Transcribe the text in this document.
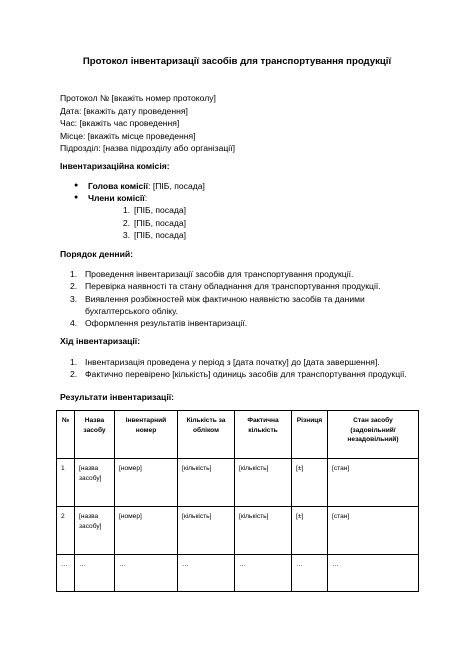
Протокол інвентаризації засобів для транспортування продукції
Протокол № [вкажіть номер протоколу]
Дата: [вкажіть дату проведення]
Час: [вкажіть час проведення]
Місце: [вкажіть місце проведення]
Підрозділ: [назва підрозділу або організації]
Інвентаризаційна комісія:
● Голова комісії: [ПІБ, посада]
● Члени комісії:
1. [ПІБ, посада]
2. [ПІБ, посада]
3. [ПІБ, посада]
Порядок денний:
1. Проведення інвентаризації засобів для транспортування продукції.
2. Перевірка наявності та стану обладнання для транспортування продукції.
3. Виявлення розбіжностей між фактичною наявністю засобів та даними бухгалтерського обліку.
4. Оформлення результатів інвентаризації.
Хід інвентаризації:
1. Інвентаризація проведена у період з [дата початку] до [дата завершення].
2. Фактично перевірено [кількість] одиниць засобів для транспортування продукції.
Результати інвентаризації:
№	Назва засобу	Інвентарний номер	Кількість за обліком	Фактична кількість	Різниця	Стан засобу (задовільний/незадовільний)
1	[назва засобу]	[номер]	[кількість]	[кількість]	[±]	[стан]
2	[назва засобу]	[номер]	[кількість]	[кількість]	[±]	[стан]
…	…	…	…	…	…	…
